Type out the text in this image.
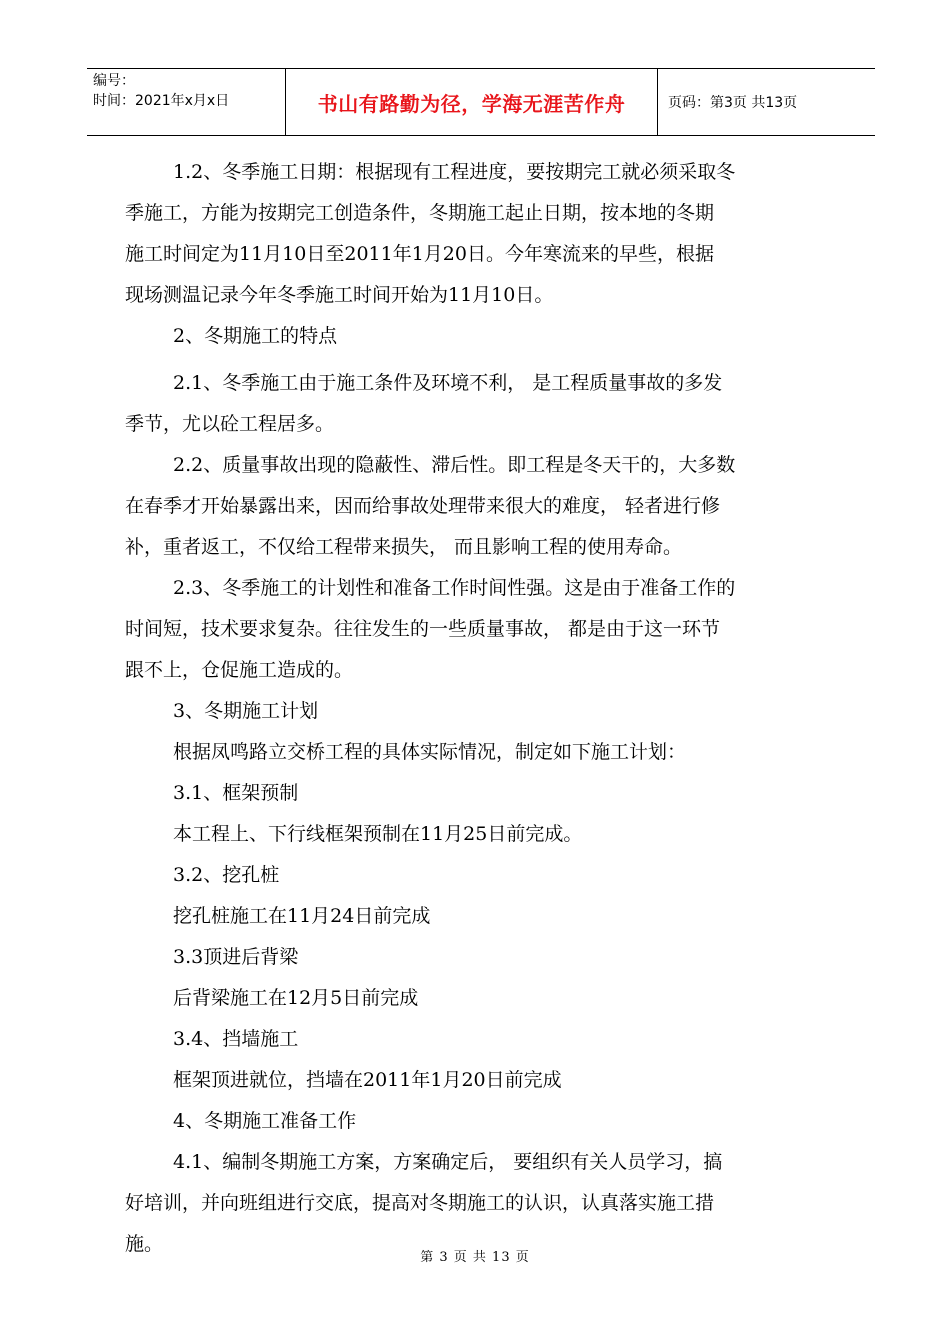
编号：
时间：2021年x月x日	书山有路勤为径，学海无涯苦作舟	页码：第3页 共13页

1.2、冬季施工日期：根据现有工程进度，要按期完工就必须采取冬

季施工，方能为按期完工创造条件，冬期施工起止日期，按本地的冬期

施工时间定为11月10日至2011年1月20日。今年寒流来的早些，根据

现场测温记录今年冬季施工时间开始为11月10日。

2、冬期施工的特点

2.1、冬季施工由于施工条件及环境不利， 是工程质量事故的多发

季节，尤以砼工程居多。

2.2、质量事故出现的隐蔽性、滞后性。即工程是冬天干的，大多数

在春季才开始暴露出来，因而给事故处理带来很大的难度， 轻者进行修

补，重者返工，不仅给工程带来损失， 而且影响工程的使用寿命。

2.3、冬季施工的计划性和准备工作时间性强。这是由于准备工作的

时间短，技术要求复杂。往往发生的一些质量事故， 都是由于这一环节

跟不上，仓促施工造成的。

3、冬期施工计划

根据凤鸣路立交桥工程的具体实际情况，制定如下施工计划：

3.1、框架预制

本工程上、下行线框架预制在11月25日前完成。

3.2、挖孔桩

挖孔桩施工在11月24日前完成

3.3顶进后背梁

后背梁施工在12月5日前完成

3.4、挡墙施工

框架顶进就位，挡墙在2011年1月20日前完成

4、冬期施工准备工作

4.1、编制冬期施工方案，方案确定后， 要组织有关人员学习，搞

好培训，并向班组进行交底，提高对冬期施工的认识，认真落实施工措

施。

第 3 页 共 13 页
